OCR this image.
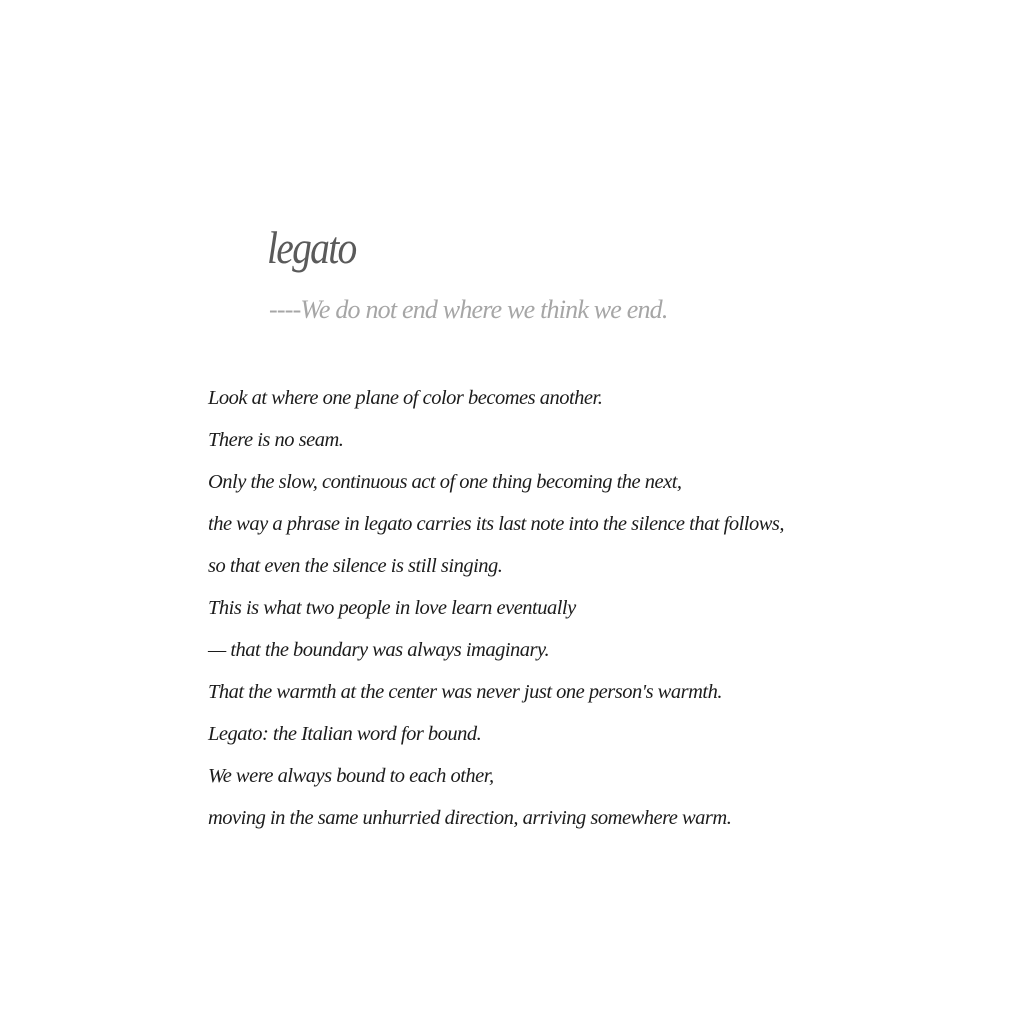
legato
----We do not end where we think we end.
Look at where one plane of color becomes another.
There is no seam.
Only the slow, continuous act of one thing becoming the next,
the way a phrase in legato carries its last note into the silence that follows,
so that even the silence is still singing.
This is what two people in love learn eventually
— that the boundary was always imaginary.
That the warmth at the center was never just one person's warmth.
Legato: the Italian word for bound.
We were always bound to each other,
moving in the same unhurried direction, arriving somewhere warm.
